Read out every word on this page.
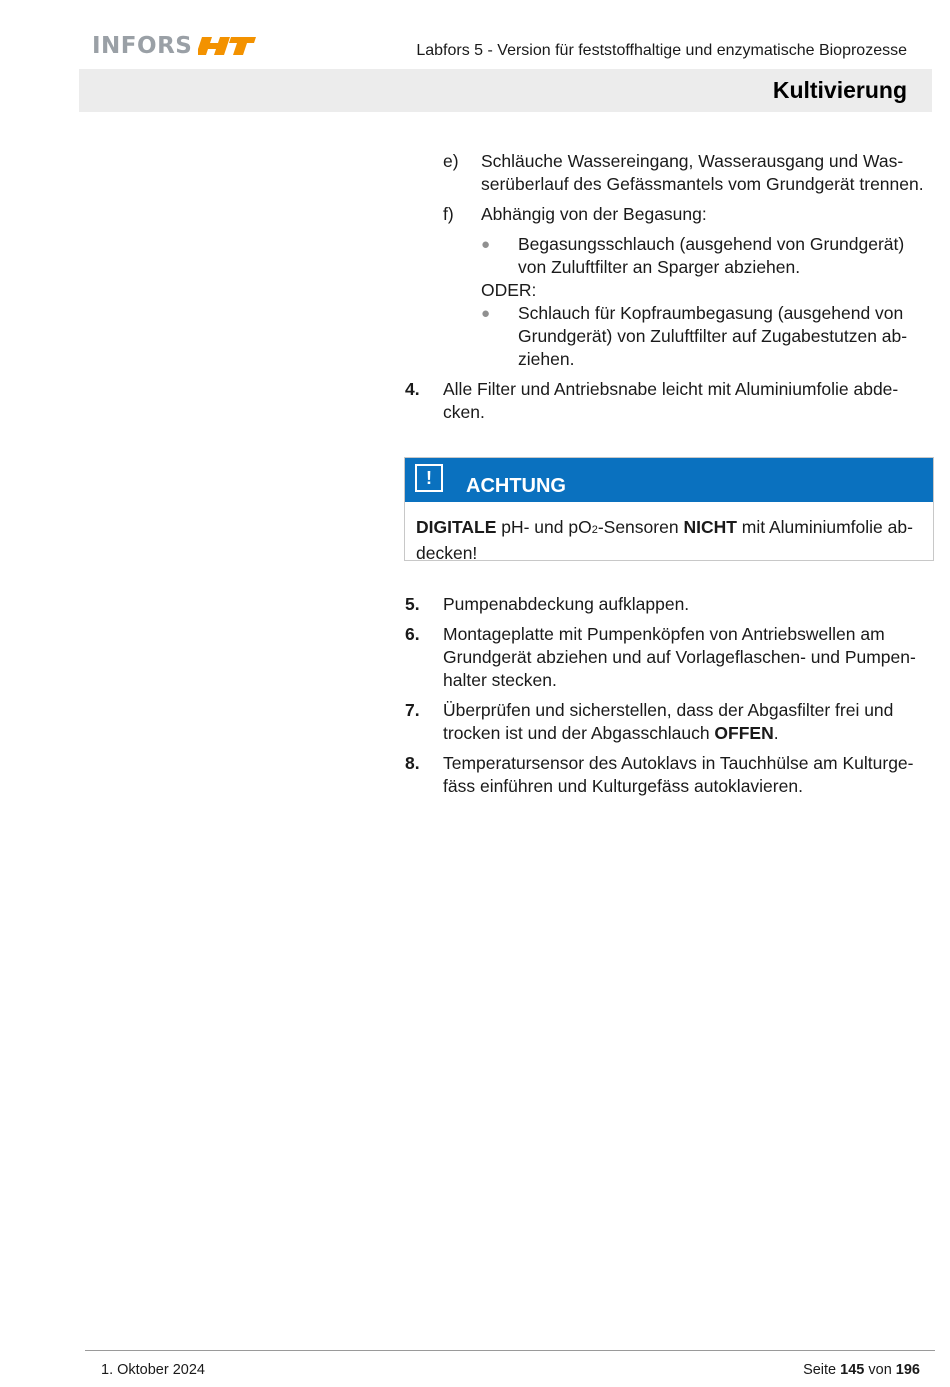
INFORS	Labfors 5 - Version für feststoffhaltige und enzymatische Bioprozesse
Kultivierung
e) Schläuche Wassereingang, Wasserausgang und Was-
serüberlauf des Gefässmantels vom Grundgerät trennen.
f) Abhängig von der Begasung:
● Begasungsschlauch (ausgehend von Grundgerät)
von Zuluftfilter an Sparger abziehen.
ODER:
● Schlauch für Kopfraumbegasung (ausgehend von
Grundgerät) von Zuluftfilter auf Zugabestutzen ab-
ziehen.
4. Alle Filter und Antriebsnabe leicht mit Aluminiumfolie abde-
cken.
!	ACHTUNG
DIGITALE pH- und pO2-Sensoren NICHT mit Aluminiumfolie ab-
decken!
5. Pumpenabdeckung aufklappen.
6. Montageplatte mit Pumpenköpfen von Antriebswellen am
Grundgerät abziehen und auf Vorlageflaschen- und Pumpen-
halter stecken.
7. Überprüfen und sicherstellen, dass der Abgasfilter frei und
trocken ist und der Abgasschlauch OFFEN.
8. Temperatursensor des Autoklavs in Tauchhülse am Kulturge-
fäss einführen und Kulturgefäss autoklavieren.
1. Oktober 2024	Seite 145 von 196
